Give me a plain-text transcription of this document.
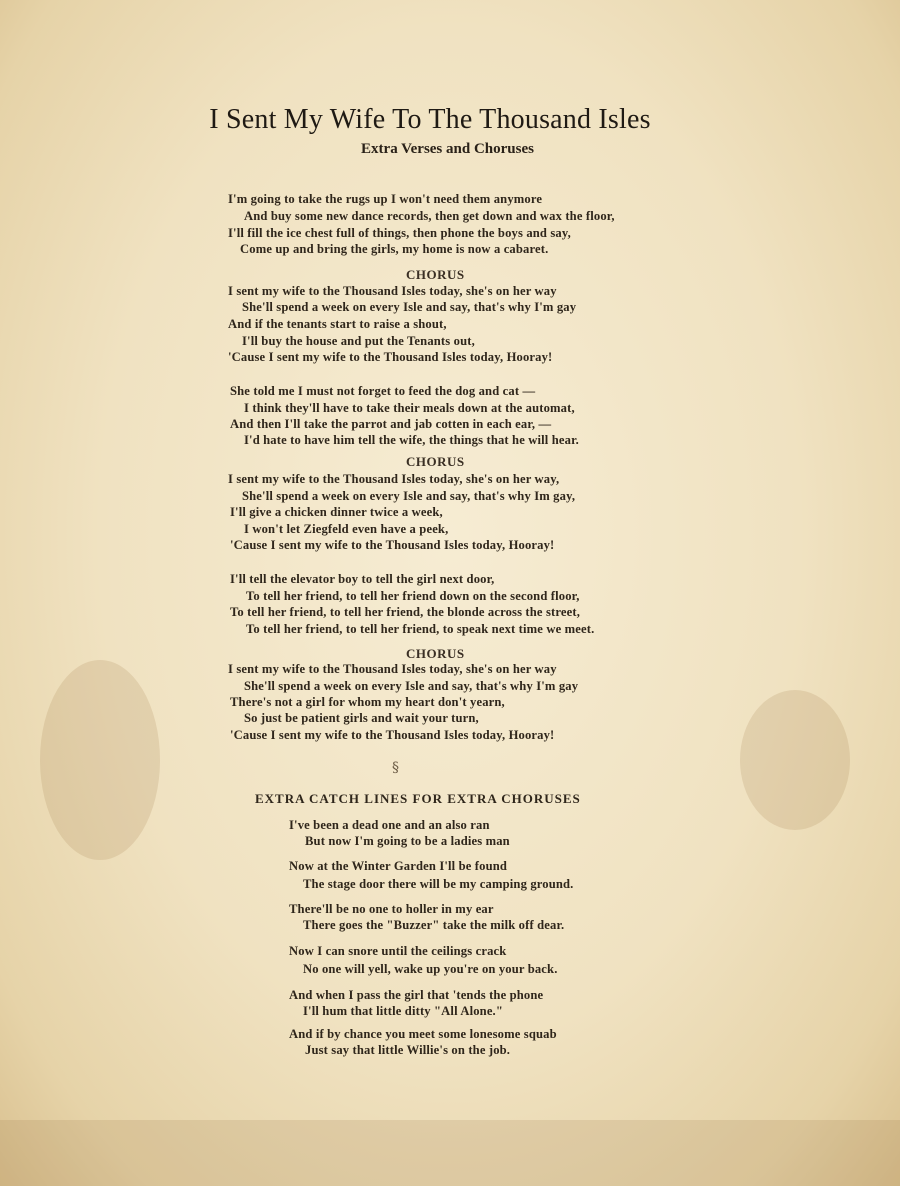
I Sent My Wife To The Thousand Isles
Extra Verses and Choruses
I'm going to take the rugs up I won't need them anymore
And buy some new dance records, then get down and wax the floor,
I'll fill the ice chest full of things, then phone the boys and say,
Come up and bring the girls, my home is now a cabaret.
CHORUS
I sent my wife to the Thousand Isles today, she's on her way
She'll spend a week on every Isle and say, that's why I'm gay
And if the tenants start to raise a shout,
I'll buy the house and put the Tenants out,
'Cause I sent my wife to the Thousand Isles today, Hooray!
She told me I must not forget to feed the dog and cat —
I think they'll have to take their meals down at the automat,
And then I'll take the parrot and jab cotten in each ear, —
I'd hate to have him tell the wife, the things that he will hear.
CHORUS
I sent my wife to the Thousand Isles today, she's on her way,
She'll spend a week on every Isle and say, that's why Im gay,
I'll give a chicken dinner twice a week,
I won't let Ziegfeld even have a peek,
'Cause I sent my wife to the Thousand Isles today, Hooray!
I'll tell the elevator boy to tell the girl next door,
To tell her friend, to tell her friend down on the second floor,
To tell her friend, to tell her friend, the blonde across the street,
To tell her friend, to tell her friend, to speak next time we meet.
CHORUS
I sent my wife to the Thousand Isles today, she's on her way
She'll spend a week on every Isle and say, that's why I'm gay
There's not a girl for whom my heart don't yearn,
So just be patient girls and wait your turn,
'Cause I sent my wife to the Thousand Isles today, Hooray!
§
EXTRA CATCH LINES FOR EXTRA CHORUSES
I've been a dead one and an also ran
But now I'm going to be a ladies man
Now at the Winter Garden I'll be found
The stage door there will be my camping ground.
There'll be no one to holler in my ear
There goes the "Buzzer" take the milk off dear.
Now I can snore until the ceilings crack
No one will yell, wake up you're on your back.
And when I pass the girl that 'tends the phone
I'll hum that little ditty "All Alone."
And if by chance you meet some lonesome squab
Just say that little Willie's on the job.
